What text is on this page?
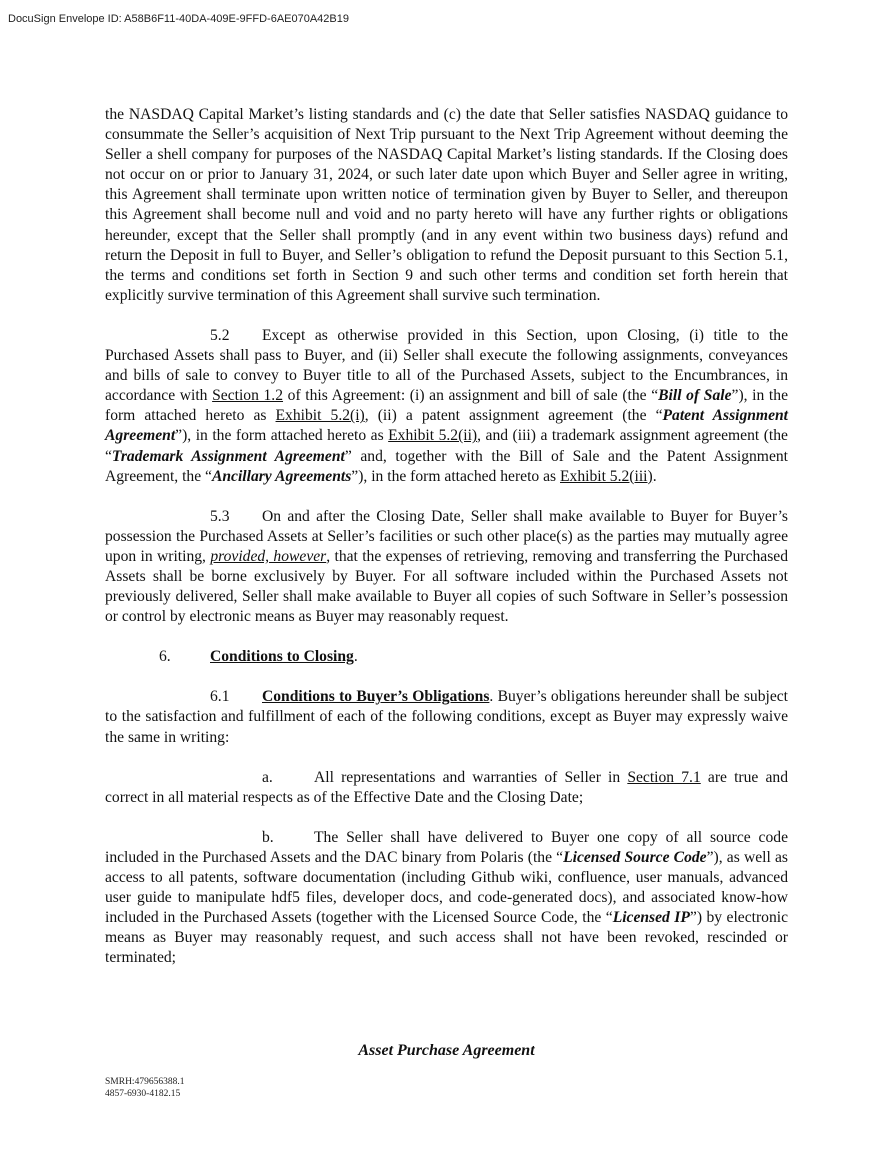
DocuSign Envelope ID: A58B6F11-40DA-409E-9FFD-6AE070A42B19

the NASDAQ Capital Market’s listing standards and (c) the date that Seller satisfies NASDAQ guidance to consummate the Seller’s acquisition of Next Trip pursuant to the Next Trip Agreement without deeming the Seller a shell company for purposes of the NASDAQ Capital Market’s listing standards. If the Closing does not occur on or prior to January 31, 2024, or such later date upon which Buyer and Seller agree in writing, this Agreement shall terminate upon written notice of termination given by Buyer to Seller, and thereupon this Agreement shall become null and void and no party hereto will have any further rights or obligations hereunder, except that the Seller shall promptly (and in any event within two business days) refund and return the Deposit in full to Buyer, and Seller’s obligation to refund the Deposit pursuant to this Section 5.1, the terms and conditions set forth in Section 9 and such other terms and condition set forth herein that explicitly survive termination of this Agreement shall survive such termination.

5.2 Except as otherwise provided in this Section, upon Closing, (i) title to the Purchased Assets shall pass to Buyer, and (ii) Seller shall execute the following assignments, conveyances and bills of sale to convey to Buyer title to all of the Purchased Assets, subject to the Encumbrances, in accordance with Section 1.2 of this Agreement: (i) an assignment and bill of sale (the “Bill of Sale”), in the form attached hereto as Exhibit 5.2(i), (ii) a patent assignment agreement (the “Patent Assignment Agreement”), in the form attached hereto as Exhibit 5.2(ii), and (iii) a trademark assignment agreement (the “Trademark Assignment Agreement” and, together with the Bill of Sale and the Patent Assignment Agreement, the “Ancillary Agreements”), in the form attached hereto as Exhibit 5.2(iii).

5.3 On and after the Closing Date, Seller shall make available to Buyer for Buyer’s possession the Purchased Assets at Seller’s facilities or such other place(s) as the parties may mutually agree upon in writing, provided, however, that the expenses of retrieving, removing and transferring the Purchased Assets shall be borne exclusively by Buyer. For all software included within the Purchased Assets not previously delivered, Seller shall make available to Buyer all copies of such Software in Seller’s possession or control by electronic means as Buyer may reasonably request.

6.	Conditions to Closing.

6.1 Conditions to Buyer’s Obligations. Buyer’s obligations hereunder shall be subject to the satisfaction and fulfillment of each of the following conditions, except as Buyer may expressly waive the same in writing:

a.	All representations and warranties of Seller in Section 7.1 are true and correct in all material respects as of the Effective Date and the Closing Date;

b.	The Seller shall have delivered to Buyer one copy of all source code included in the Purchased Assets and the DAC binary from Polaris (the “Licensed Source Code”), as well as access to all patents, software documentation (including Github wiki, confluence, user manuals, advanced user guide to manipulate hdf5 files, developer docs, and code-generated docs), and associated know-how included in the Purchased Assets (together with the Licensed Source Code, the “Licensed IP”) by electronic means as Buyer may reasonably request, and such access shall not have been revoked, rescinded or terminated;

Asset Purchase Agreement
SMRH:479656388.1
4857-6930-4182.15
